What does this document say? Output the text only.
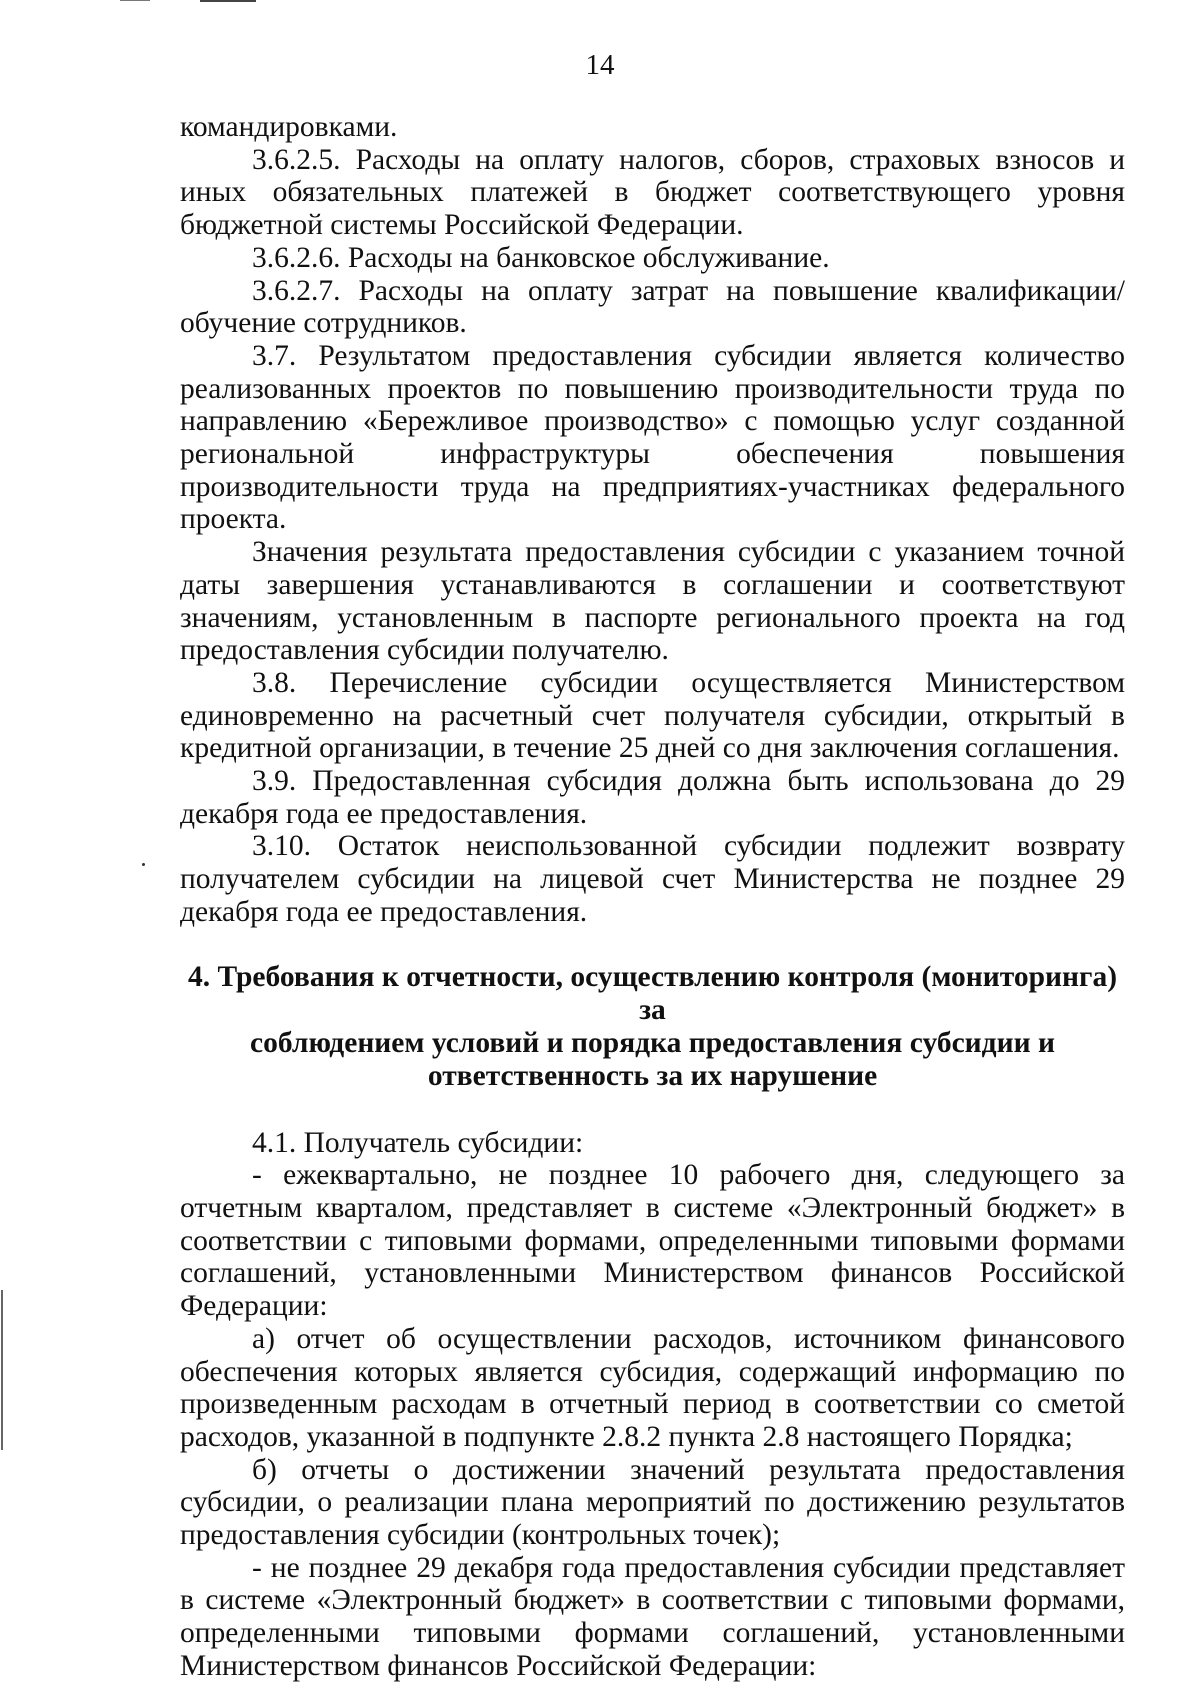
14

командировками.

3.6.2.5. Расходы на оплату налогов, сборов, страховых взносов и иных обязательных платежей в бюджет соответствующего уровня бюджетной системы Российской Федерации.

3.6.2.6. Расходы на банковское обслуживание.

3.6.2.7. Расходы на оплату затрат на повышение квалификации/обучение сотрудников.

3.7. Результатом предоставления субсидии является количество реализованных проектов по повышению производительности труда по направлению «Бережливое производство» с помощью услуг созданной региональной инфраструктуры обеспечения повышения производительности труда на предприятиях-участниках федерального проекта.

Значения результата предоставления субсидии с указанием точной даты завершения устанавливаются в соглашении и соответствуют значениям, установленным в паспорте регионального проекта на год предоставления субсидии получателю.

3.8. Перечисление субсидии осуществляется Министерством единовременно на расчетный счет получателя субсидии, открытый в кредитной организации, в течение 25 дней со дня заключения соглашения.

3.9. Предоставленная субсидия должна быть использована до 29 декабря года ее предоставления.

3.10. Остаток неиспользованной субсидии подлежит возврату получателем субсидии на лицевой счет Министерства не позднее 29 декабря года ее предоставления.

4. Требования к отчетности, осуществлению контроля (мониторинга) за
соблюдением условий и порядка предоставления субсидии и
ответственность за их нарушение

4.1. Получатель субсидии:

- ежеквартально, не позднее 10 рабочего дня, следующего за отчетным кварталом, представляет в системе «Электронный бюджет» в соответствии с типовыми формами, определенными типовыми формами соглашений, установленными Министерством финансов Российской Федерации:

а) отчет об осуществлении расходов, источником финансового обеспечения которых является субсидия, содержащий информацию по произведенным расходам в отчетный период в соответствии со сметой расходов, указанной в подпункте 2.8.2 пункта 2.8 настоящего Порядка;

б) отчеты о достижении значений результата предоставления субсидии, о реализации плана мероприятий по достижению результатов предоставления субсидии (контрольных точек);

- не позднее 29 декабря года предоставления субсидии представляет в системе «Электронный бюджет» в соответствии с типовыми формами, определенными типовыми формами соглашений, установленными Министерством финансов Российской Федерации:
